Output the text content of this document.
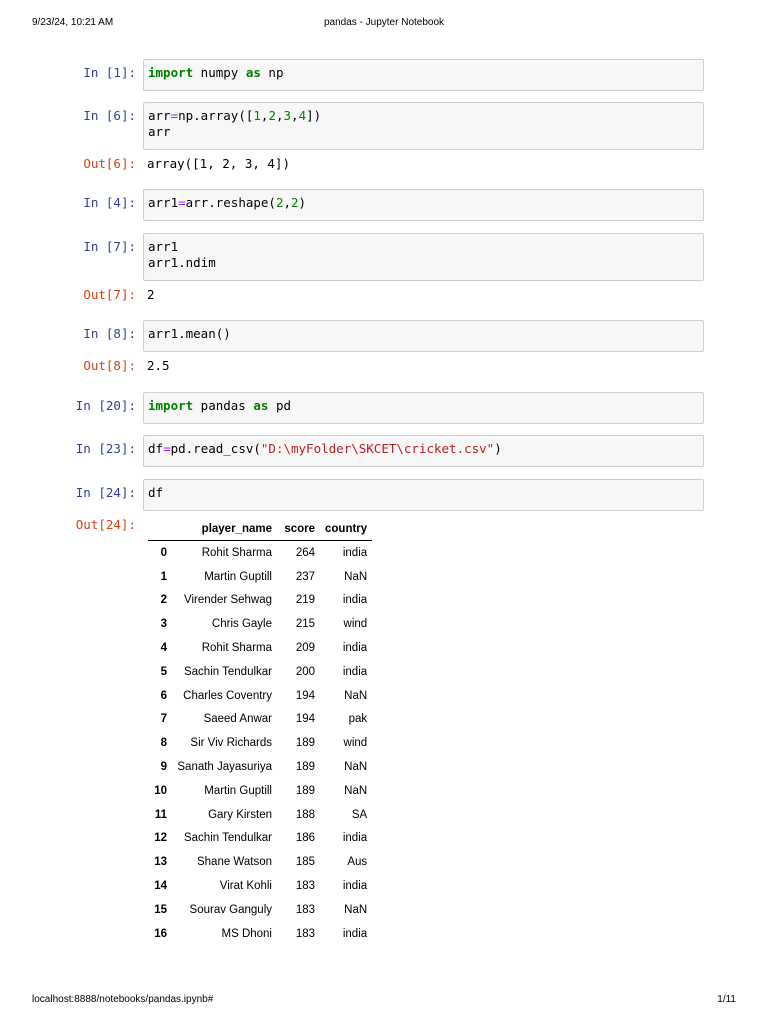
9/23/24, 10:21 AM	pandas - Jupyter Notebook
In [1]: import numpy as np
In [6]: arr=np.array([1,2,3,4])
arr
Out[6]: array([1, 2, 3, 4])
In [4]: arr1=arr.reshape(2,2)
In [7]: arr1
arr1.ndim
Out[7]: 2
In [8]: arr1.mean()
Out[8]: 2.5
In [20]: import pandas as pd
In [23]: df=pd.read_csv("D:\myFolder\SKCET\cricket.csv")
In [24]: df
Out[24]:
		player_name	score	country
0	Rohit Sharma	264	india
1	Martin Guptill	237	NaN
2	Virender Sehwag	219	india
3	Chris Gayle	215	wind
4	Rohit Sharma	209	india
5	Sachin Tendulkar	200	india
6	Charles Coventry	194	NaN
7	Saeed Anwar	194	pak
8	Sir Viv Richards	189	wind
9	Sanath Jayasuriya	189	NaN
10	Martin Guptill	189	NaN
11	Gary Kirsten	188	SA
12	Sachin Tendulkar	186	india
13	Shane Watson	185	Aus
14	Virat Kohli	183	india
15	Sourav Ganguly	183	NaN
16	MS Dhoni	183	india
localhost:8888/notebooks/pandas.ipynb#	1/11
